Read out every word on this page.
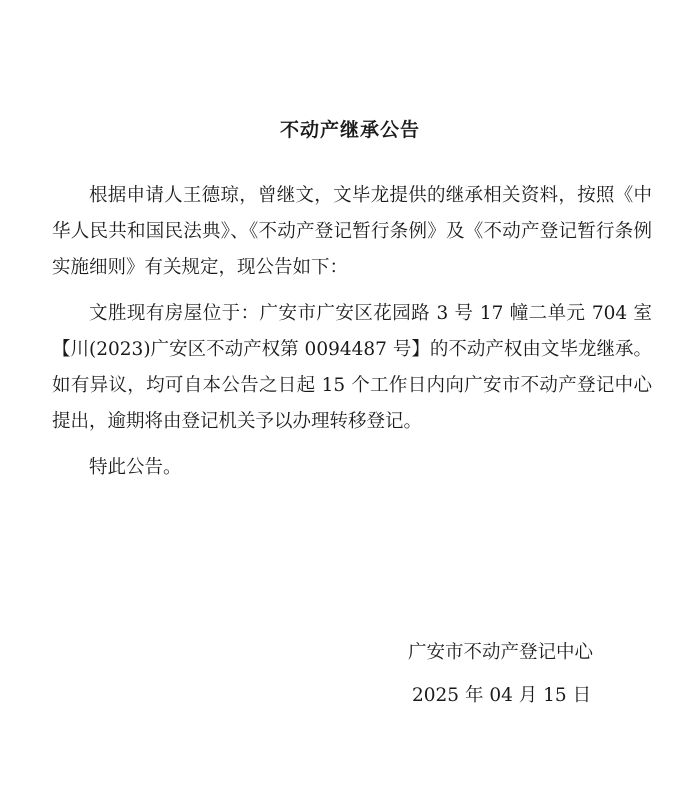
不动产继承公告

根据申请人王德琼，曾继文，文毕龙提供的继承相关资料，按照《中华人民共和国民法典》、《不动产登记暂行条例》及《不动产登记暂行条例实施细则》有关规定，现公告如下：

文胜现有房屋位于：广安市广安区花园路 3 号 17 幢二单元 704 室【川(2023)广安区不动产权第 0094487 号】的不动产权由文毕龙继承。如有异议，均可自本公告之日起 15 个工作日内向广安市不动产登记中心提出，逾期将由登记机关予以办理转移登记。

特此公告。

广安市不动产登记中心
2025 年 04 月 15 日
